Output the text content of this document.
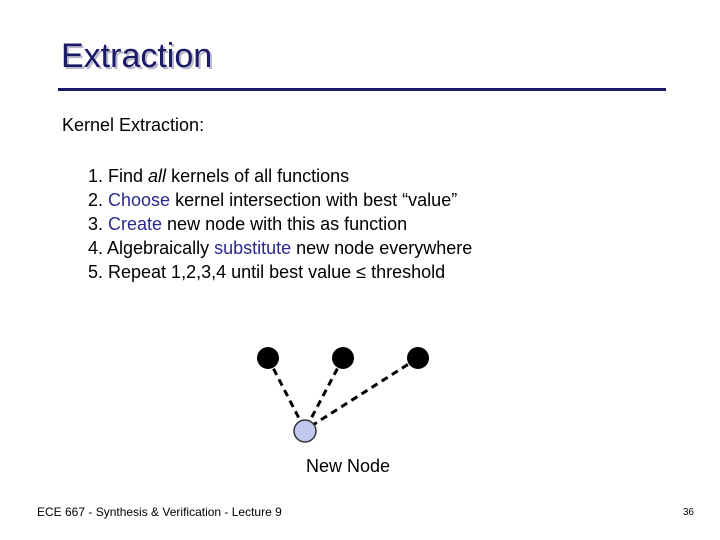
Extraction
Kernel Extraction:
1. Find all kernels of all functions
2. Choose kernel intersection with best “value”
3. Create new node with this as function
4. Algebraically substitute new node everywhere
5. Repeat 1,2,3,4 until best value ≤ threshold
New Node
ECE 667 - Synthesis & Verification - Lecture 9	36
